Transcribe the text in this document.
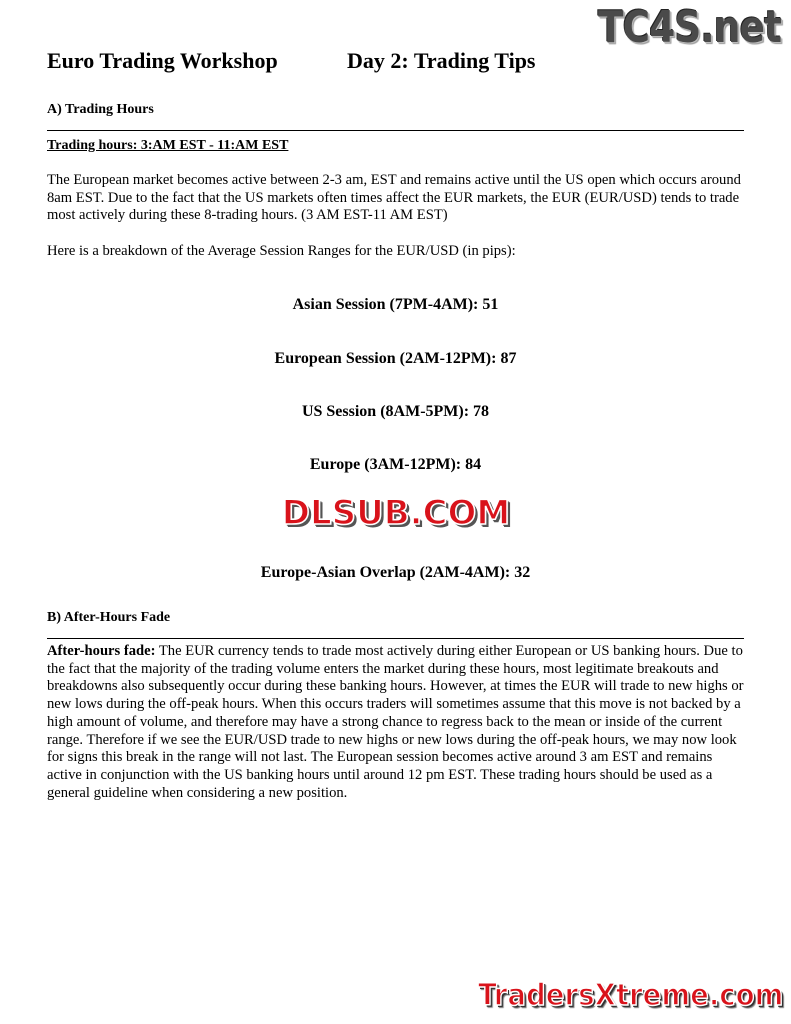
TC4S.net
Euro Trading Workshop	Day 2: Trading Tips
A) Trading Hours
Trading hours: 3:AM EST - 11:AM EST
The European market becomes active between 2-3 am, EST and remains active until the US open which occurs around 8am EST. Due to the fact that the US markets often times affect the EUR markets, the EUR (EUR/USD) tends to trade most actively during these 8-trading hours. (3 AM EST-11 AM EST)
Here is a breakdown of the Average Session Ranges for the EUR/USD (in pips):
Asian Session (7PM-4AM): 51
European Session (2AM-12PM): 87
US Session (8AM-5PM): 78
Europe (3AM-12PM): 84
DLSUB.COM
Europe-Asian Overlap (2AM-4AM): 32
B) After-Hours Fade
After-hours fade: The EUR currency tends to trade most actively during either European or US banking hours. Due to the fact that the majority of the trading volume enters the market during these hours, most legitimate breakouts and breakdowns also subsequently occur during these banking hours. However, at times the EUR will trade to new highs or new lows during the off-peak hours. When this occurs traders will sometimes assume that this move is not backed by a high amount of volume, and therefore may have a strong chance to regress back to the mean or inside of the current range. Therefore if we see the EUR/USD trade to new highs or new lows during the off-peak hours, we may now look for signs this break in the range will not last. The European session becomes active around 3 am EST and remains active in conjunction with the US banking hours until around 12 pm EST. These trading hours should be used as a general guideline when considering a new position.
TradersXtreme.com
